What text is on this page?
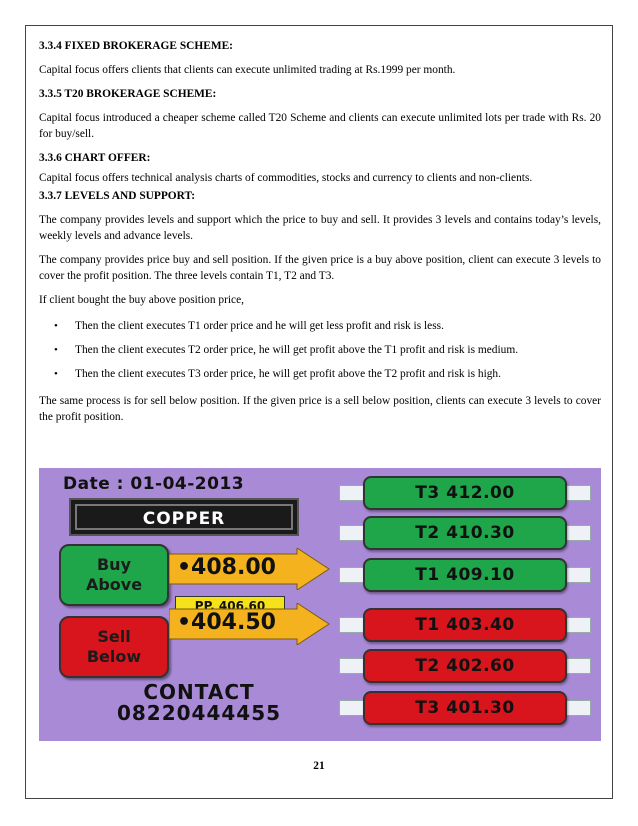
3.3.4 FIXED BROKERAGE SCHEME:

Capital focus offers clients that clients can execute unlimited trading at Rs.1999 per month.

3.3.5 T20 BROKERAGE SCHEME:

Capital focus introduced a cheaper scheme called T20 Scheme and clients can execute unlimited lots per trade with Rs. 20 for buy/sell.

3.3.6 CHART OFFER:

Capital focus offers technical analysis charts of commodities, stocks and currency to clients and non-clients.

3.3.7 LEVELS AND SUPPORT:

The company provides levels and support which the price to buy and sell. It provides 3 levels and contains today’s levels, weekly levels and advance levels.

The company provides price buy and sell position. If the given price is a buy above position, client can execute 3 levels to cover the profit position. The three levels contain T1, T2 and T3.

If client bought the buy above position price,

• Then the client executes T1 order price and he will get less profit and risk is less.
• Then the client executes T2 order price, he will get profit above the T1 profit and risk is medium.
• Then the client executes T3 order price, he will get profit above the T2 profit and risk is high.

The same process is for sell below position. If the given price is a sell below position, clients can execute 3 levels to cover the profit position.

Date : 01-04-2013
COPPER
Buy
Above
•408.00
PP. 406.60
Sell
Below
•404.50
CONTACT
08220444455
T3 412.00
T2 410.30
T1 409.10
T1 403.40
T2 402.60
T3 401.30
21
